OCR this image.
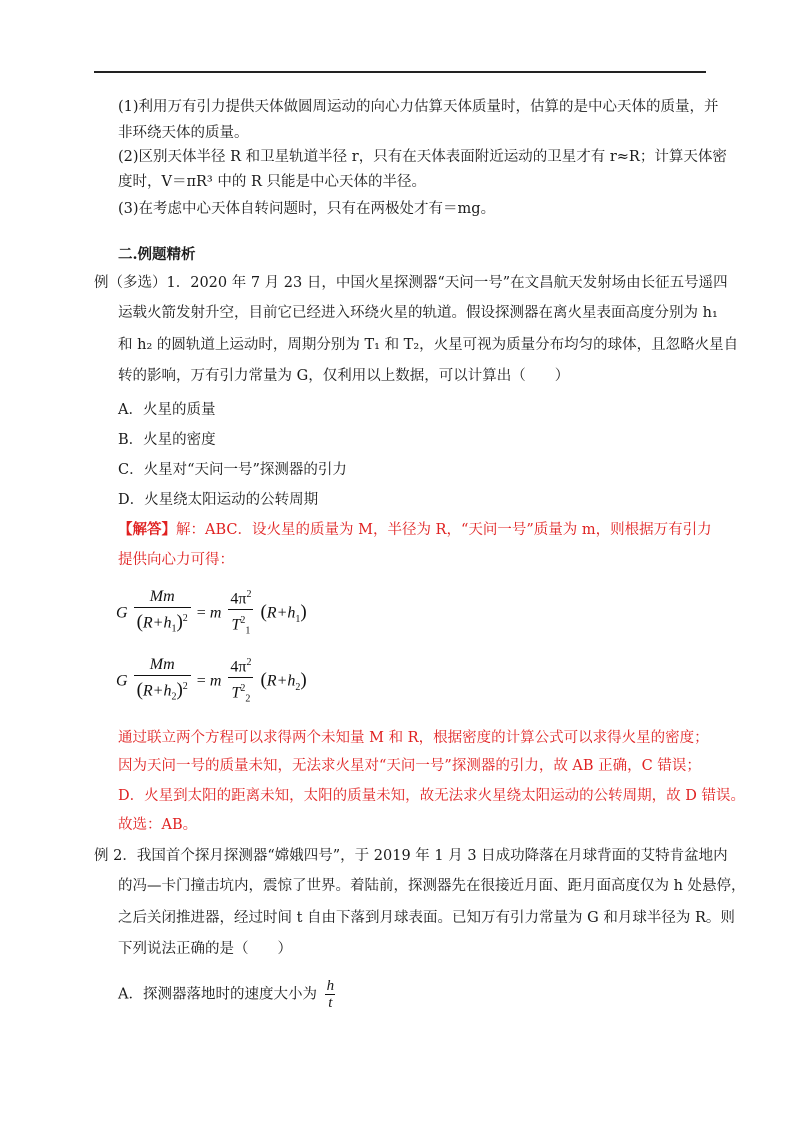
(1)利用万有引力提供天体做圆周运动的向心力估算天体质量时，估算的是中心天体的质量，并
非环绕天体的质量。
(2)区别天体半径 R 和卫星轨道半径 r，只有在天体表面附近运动的卫星才有 r≈R；计算天体密
度时，V＝πR³ 中的 R 只能是中心天体的半径。
(3)在考虑中心天体自转问题时，只有在两极处才有＝mg。
二.例题精析
例（多选）1．2020 年 7 月 23 日，中国火星探测器“天问一号”在文昌航天发射场由长征五号遥四
运载火箭发射升空，目前它已经进入环绕火星的轨道。假设探测器在离火星表面高度分别为 h₁
和 h₂ 的圆轨道上运动时，周期分别为 T₁ 和 T₂，火星可视为质量分布均匀的球体，且忽略火星自
转的影响，万有引力常量为 G，仅利用以上数据，可以计算出（　　）
A．火星的质量
B．火星的密度
C．火星对“天问一号”探测器的引力
D．火星绕太阳运动的公转周期
【解答】解：ABC．设火星的质量为 M，半径为 R，“天问一号”质量为 m，则根据万有引力
提供向心力可得：
G $\frac{Mm}{(R+h_1)^2} = m \frac{4\pi^2}{T^2_1} (R+h_1)$
G $\frac{Mm}{(R+h_2)^2} = m \frac{4\pi^2}{T^2_2} (R+h_2)$
通过联立两个方程可以求得两个未知量 M 和 R，根据密度的计算公式可以求得火星的密度；
因为天问一号的质量未知，无法求火星对“天问一号”探测器的引力，故 AB 正确，C 错误；
D．火星到太阳的距离未知，太阳的质量未知，故无法求火星绕太阳运动的公转周期，故 D 错误。
故选：AB。
例 2．我国首个探月探测器“嫦娥四号”，于 2019 年 1 月 3 日成功降落在月球背面的艾特肯盆地内
的冯—卡门撞击坑内，震惊了世界。着陆前，探测器先在很接近月面、距月面高度仅为 h 处悬停，
之后关闭推进器，经过时间 t 自由下落到月球表面。已知万有引力常量为 G 和月球半径为 R。则
下列说法正确的是（　　）
A．探测器落地时的速度大小为 $\frac{h}{t}$
